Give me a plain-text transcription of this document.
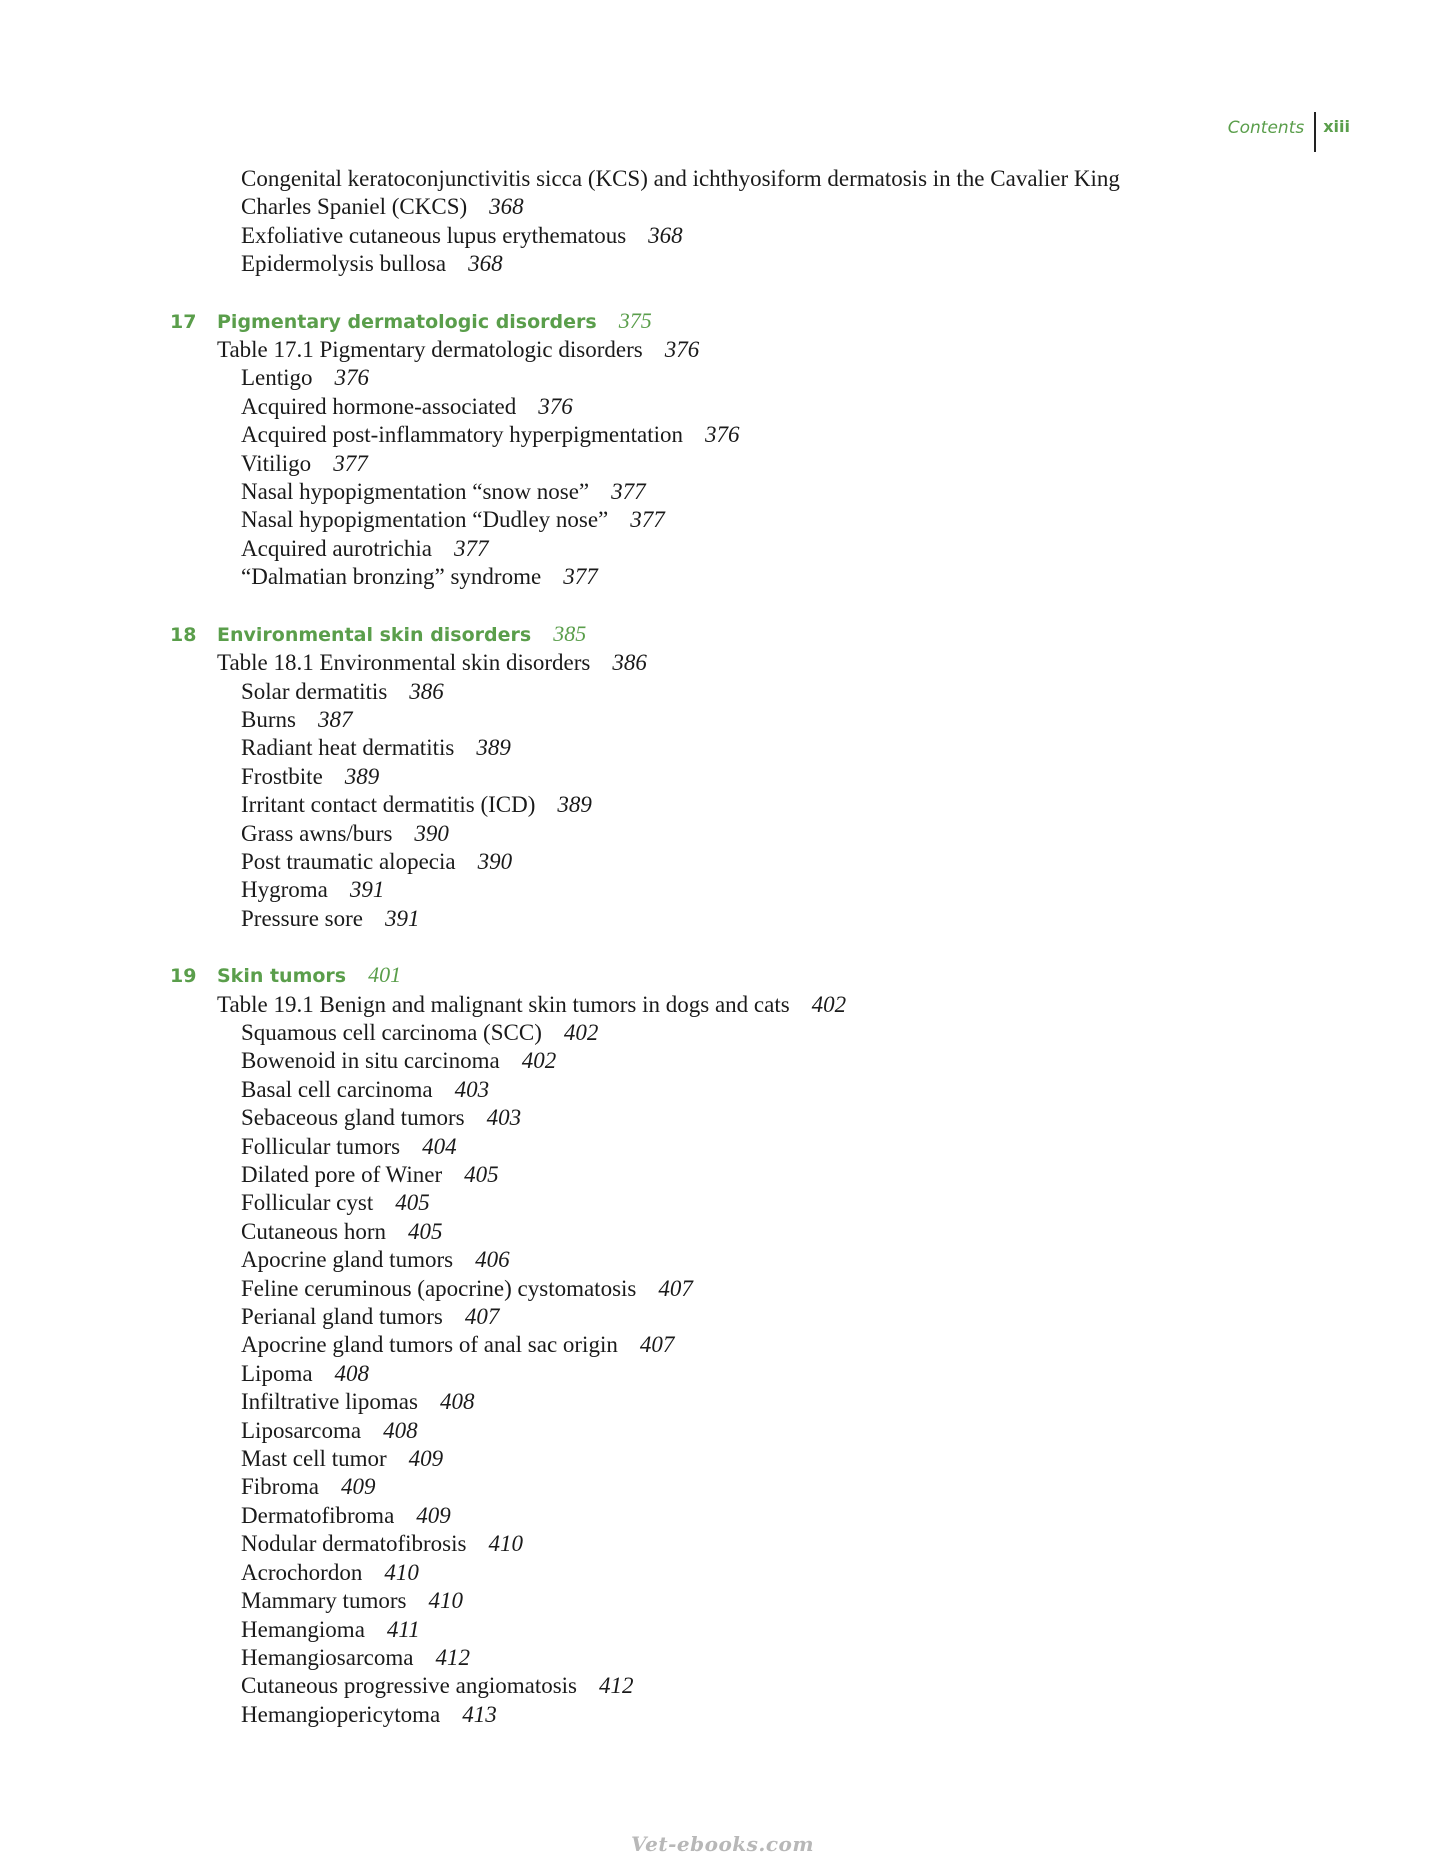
Contents	xiii
Congenital keratoconjunctivitis sicca (KCS) and ichthyosiform dermatosis in the Cavalier King
Charles Spaniel (CKCS) 368
Exfoliative cutaneous lupus erythematous 368
Epidermolysis bullosa 368
17	Pigmentary dermatologic disorders 375
Table 17.1 Pigmentary dermatologic disorders 376
Lentigo 376
Acquired hormone-associated 376
Acquired post-inflammatory hyperpigmentation 376
Vitiligo 377
Nasal hypopigmentation “snow nose” 377
Nasal hypopigmentation “Dudley nose” 377
Acquired aurotrichia 377
“Dalmatian bronzing” syndrome 377
18	Environmental skin disorders 385
Table 18.1 Environmental skin disorders 386
Solar dermatitis 386
Burns 387
Radiant heat dermatitis 389
Frostbite 389
Irritant contact dermatitis (ICD) 389
Grass awns/burs 390
Post traumatic alopecia 390
Hygroma 391
Pressure sore 391
19	Skin tumors 401
Table 19.1 Benign and malignant skin tumors in dogs and cats 402
Squamous cell carcinoma (SCC) 402
Bowenoid in situ carcinoma 402
Basal cell carcinoma 403
Sebaceous gland tumors 403
Follicular tumors 404
Dilated pore of Winer 405
Follicular cyst 405
Cutaneous horn 405
Apocrine gland tumors 406
Feline ceruminous (apocrine) cystomatosis 407
Perianal gland tumors 407
Apocrine gland tumors of anal sac origin 407
Lipoma 408
Infiltrative lipomas 408
Liposarcoma 408
Mast cell tumor 409
Fibroma 409
Dermatofibroma 409
Nodular dermatofibrosis 410
Acrochordon 410
Mammary tumors 410
Hemangioma 411
Hemangiosarcoma 412
Cutaneous progressive angiomatosis 412
Hemangiopericytoma 413
Vet-ebooks.com
